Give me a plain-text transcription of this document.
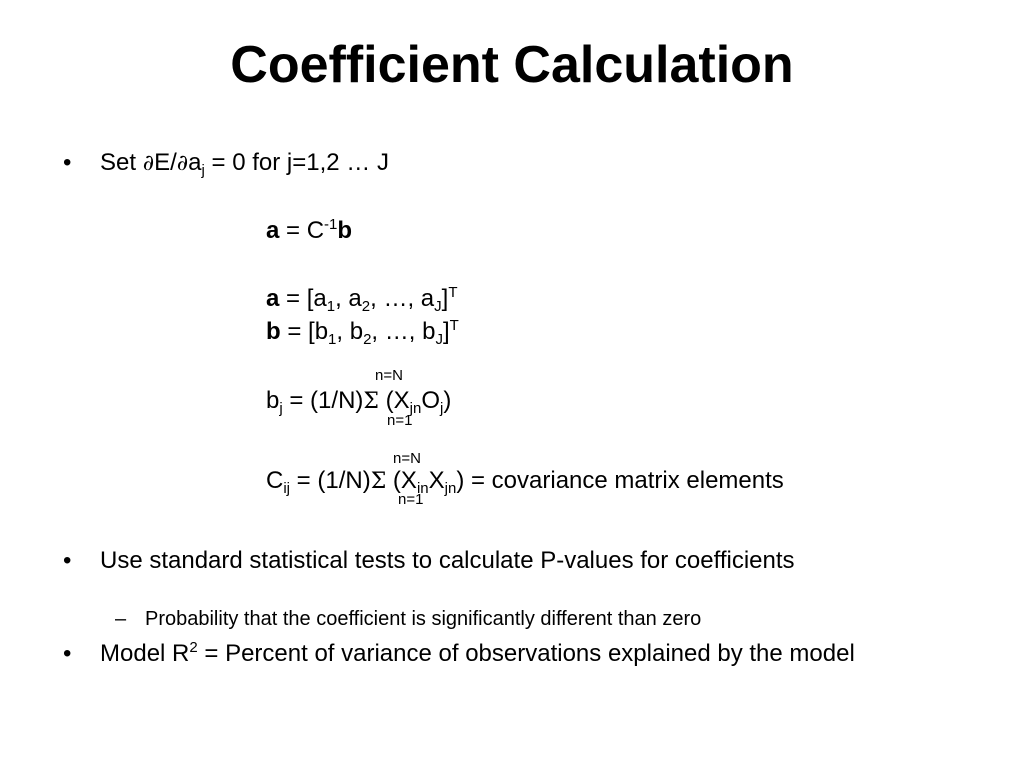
Coefficient Calculation
• Set $\partial E/\partial a_j = 0$ for j=1,2 … J
$a = C^{-1}b$
$a = [a_1$, $a_2$, …, $a_J]^T$
$b = [b_1$, $b_2$, …, $b_J]^T$
n=N
$b_j = (1/N)\Sigma$ $(X_{jn}O_j)$
n=1
n=N
$C_{ij} = (1/N)\Sigma$ $(X_{in}X_{jn})$ = covariance matrix elements
n=1
• Use standard statistical tests to calculate P-values for coefficients
– Probability that the coefficient is significantly different than zero
• Model $R^2$ = Percent of variance of observations explained by the model
